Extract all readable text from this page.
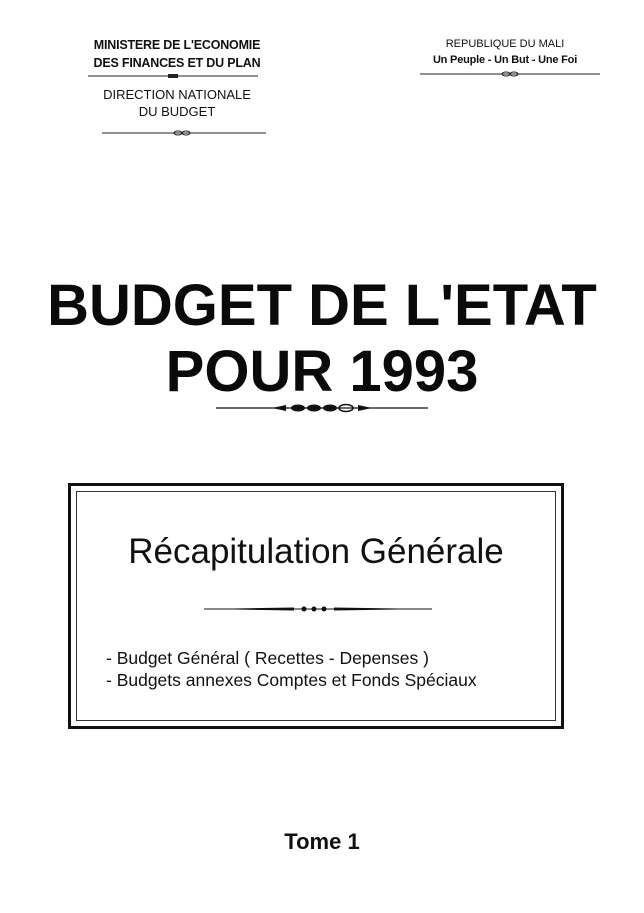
MINISTERE DE L'ECONOMIE
DES FINANCES ET DU PLAN
DIRECTION NATIONALE
DU BUDGET
REPUBLIQUE DU MALI
Un Peuple - Un But - Une Foi
BUDGET DE L'ETAT
POUR 1993
Récapitulation Générale
- Budget Général ( Recettes - Depenses )
- Budgets annexes Comptes et Fonds Spéciaux
Tome 1
